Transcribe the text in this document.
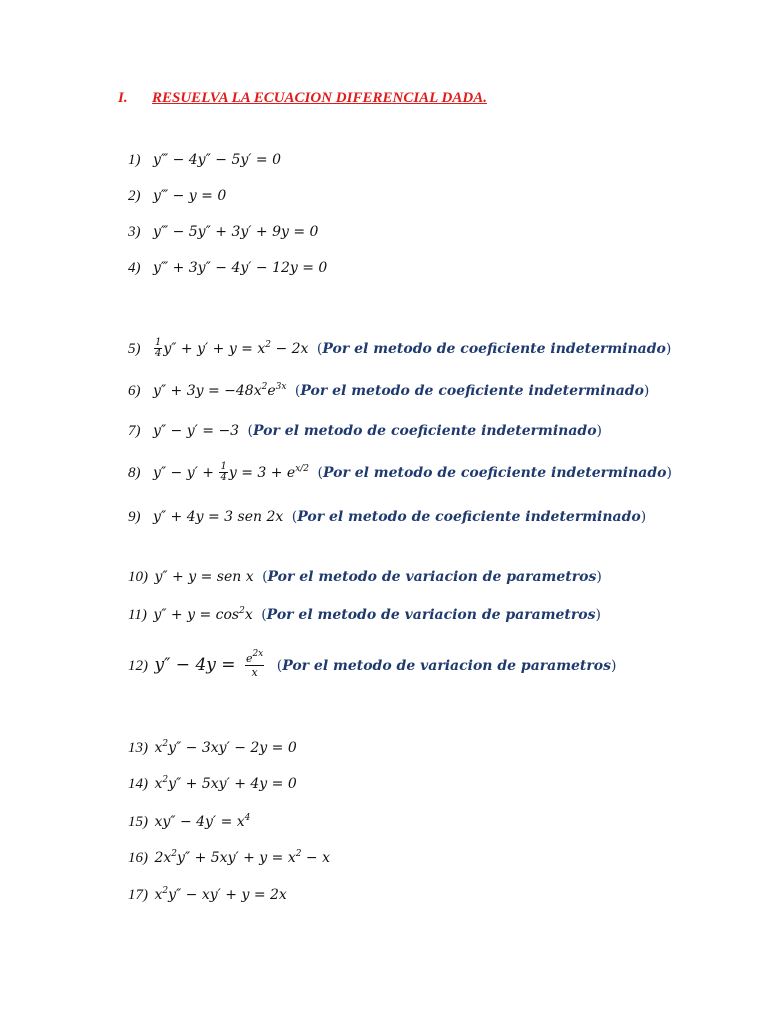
I. RESUELVA LA ECUACION DIFERENCIAL DADA.
1) y‴ − 4y″ − 5y′ = 0
2) y‴ − y = 0
3) y‴ − 5y″ + 3y′ + 9y = 0
4) y‴ + 3y″ − 4y′ − 12y = 0
$5) \frac{1}{4} y'' + y' + y = x^2 - 2x$ (Por el metodo de coeficiente indeterminado)
6) $y'' + 3y = -48x^2e^{3x}$ (Por el metodo de coeficiente indeterminado)
7) y″ − y′ = −3 (Por el metodo de coeficiente indeterminado)
8) $y'' - y' + \frac{1}{4}$ $y = 3 + e^{x/2}$ (Por el metodo de coeficiente indeterminado)
9) y″ + 4y = 3 sen 2x (Por el metodo de coeficiente indeterminado)
10) y″ + y = sen x (Por el metodo de variacion de parametros)
11) $y'' + y = \cos^2x$ (Por el metodo de variacion de parametros)
12) $y'' - 4y = \frac{e^{2x}}{x} (Por$ el metodo de variacion de parametros)
13) $x^2y'' - 3xy' - 2y = 0$
14) $x^2y'' + 5xy' + 4y = 0$
15) $xy'' - 4y' = x^4$
16) $2x^2y'' + 5xy' + y = x^2 - x$
17) $x^2y'' - xy' + y = 2x$
